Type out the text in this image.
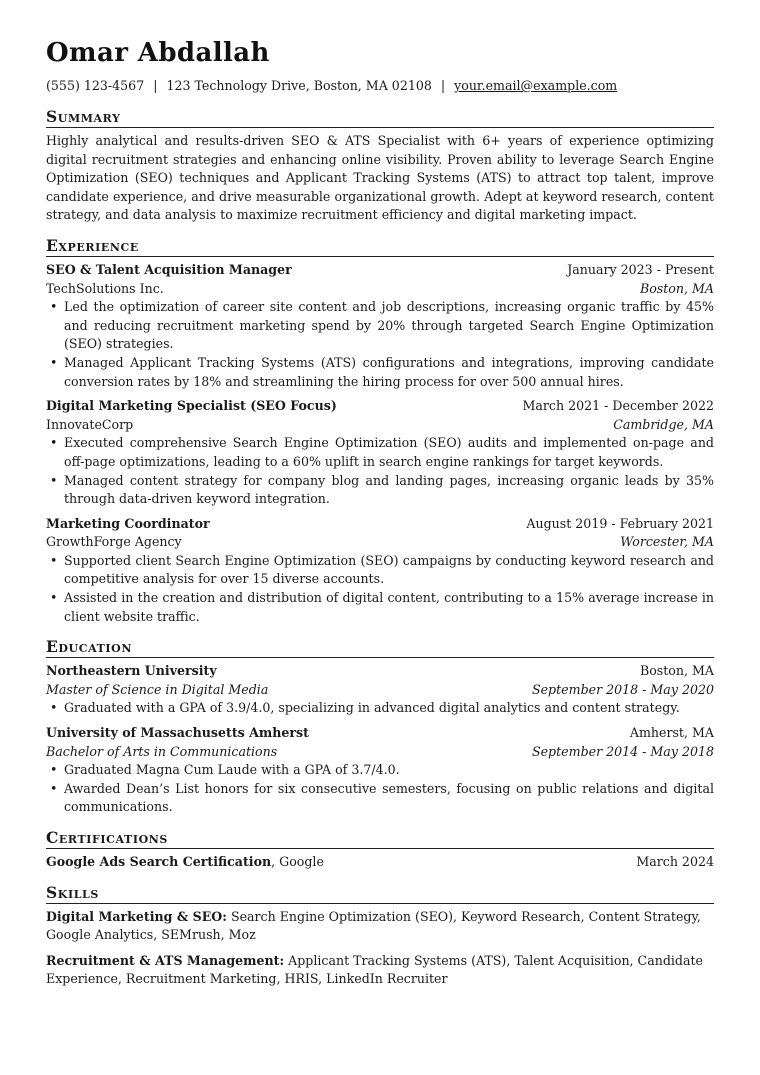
Omar Abdallah
(555) 123-4567 | 123 Technology Drive, Boston, MA 02108 | your.email@example.com
Summary
Highly analytical and results-driven SEO & ATS Specialist with 6+ years of experience optimizing digital recruitment strategies and enhancing online visibility. Proven ability to leverage Search Engine Optimization (SEO) techniques and Applicant Tracking Systems (ATS) to attract top talent, improve candidate experience, and drive measurable organizational growth. Adept at keyword research, content strategy, and data analysis to maximize recruitment efficiency and digital marketing impact.
Experience
SEO & Talent Acquisition Manager	January 2023 - Present
TechSolutions Inc.	Boston, MA
• Led the optimization of career site content and job descriptions, increasing organic traffic by 45% and reducing recruitment marketing spend by 20% through targeted Search Engine Optimization (SEO) strategies.
• Managed Applicant Tracking Systems (ATS) configurations and integrations, improving candidate conversion rates by 18% and streamlining the hiring process for over 500 annual hires.
Digital Marketing Specialist (SEO Focus)	March 2021 - December 2022
InnovateCorp	Cambridge, MA
• Executed comprehensive Search Engine Optimization (SEO) audits and implemented on-page and off-page optimizations, leading to a 60% uplift in search engine rankings for target keywords.
• Managed content strategy for company blog and landing pages, increasing organic leads by 35% through data-driven keyword integration.
Marketing Coordinator	August 2019 - February 2021
GrowthForge Agency	Worcester, MA
• Supported client Search Engine Optimization (SEO) campaigns by conducting keyword research and competitive analysis for over 15 diverse accounts.
• Assisted in the creation and distribution of digital content, contributing to a 15% average increase in client website traffic.
Education
Northeastern University	Boston, MA
Master of Science in Digital Media	September 2018 - May 2020
• Graduated with a GPA of 3.9/4.0, specializing in advanced digital analytics and content strategy.
University of Massachusetts Amherst	Amherst, MA
Bachelor of Arts in Communications	September 2014 - May 2018
• Graduated Magna Cum Laude with a GPA of 3.7/4.0.
• Awarded Dean’s List honors for six consecutive semesters, focusing on public relations and digital communications.
Certifications
Google Ads Search Certification, Google	March 2024
Skills
Digital Marketing & SEO: Search Engine Optimization (SEO), Keyword Research, Content Strategy, Google Analytics, SEMrush, Moz
Recruitment & ATS Management: Applicant Tracking Systems (ATS), Talent Acquisition, Candidate Experience, Recruitment Marketing, HRIS, LinkedIn Recruiter
